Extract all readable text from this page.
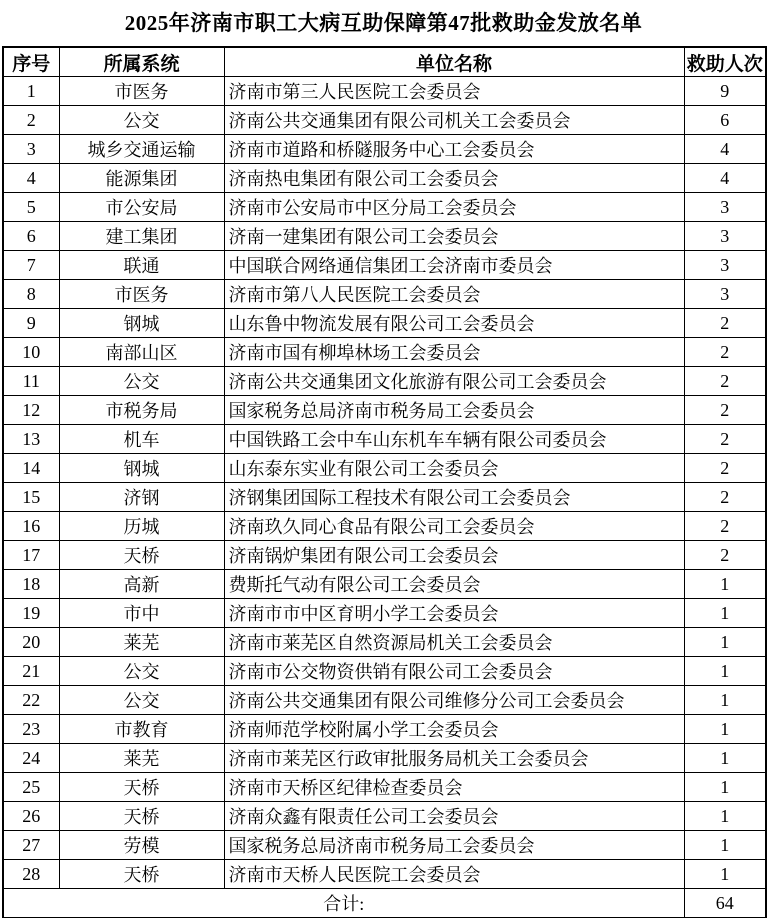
2025年济南市职工大病互助保障第47批救助金发放名单
序号	所属系统	单位名称	救助人次
1	市医务	济南市第三人民医院工会委员会	9
2	公交	济南公共交通集团有限公司机关工会委员会	6
3	城乡交通运输	济南市道路和桥隧服务中心工会委员会	4
4	能源集团	济南热电集团有限公司工会委员会	4
5	市公安局	济南市公安局市中区分局工会委员会	3
6	建工集团	济南一建集团有限公司工会委员会	3
7	联通	中国联合网络通信集团工会济南市委员会	3
8	市医务	济南市第八人民医院工会委员会	3
9	钢城	山东鲁中物流发展有限公司工会委员会	2
10	南部山区	济南市国有柳埠林场工会委员会	2
11	公交	济南公共交通集团文化旅游有限公司工会委员会	2
12	市税务局	国家税务总局济南市税务局工会委员会	2
13	机车	中国铁路工会中车山东机车车辆有限公司委员会	2
14	钢城	山东泰东实业有限公司工会委员会	2
15	济钢	济钢集团国际工程技术有限公司工会委员会	2
16	历城	济南玖久同心食品有限公司工会委员会	2
17	天桥	济南锅炉集团有限公司工会委员会	2
18	高新	费斯托气动有限公司工会委员会	1
19	市中	济南市市中区育明小学工会委员会	1
20	莱芜	济南市莱芜区自然资源局机关工会委员会	1
21	公交	济南市公交物资供销有限公司工会委员会	1
22	公交	济南公共交通集团有限公司维修分公司工会委员会	1
23	市教育	济南师范学校附属小学工会委员会	1
24	莱芜	济南市莱芜区行政审批服务局机关工会委员会	1
25	天桥	济南市天桥区纪律检查委员会	1
26	天桥	济南众鑫有限责任公司工会委员会	1
27	劳模	国家税务总局济南市税务局工会委员会	1
28	天桥	济南市天桥人民医院工会委员会	1
合计:			64
